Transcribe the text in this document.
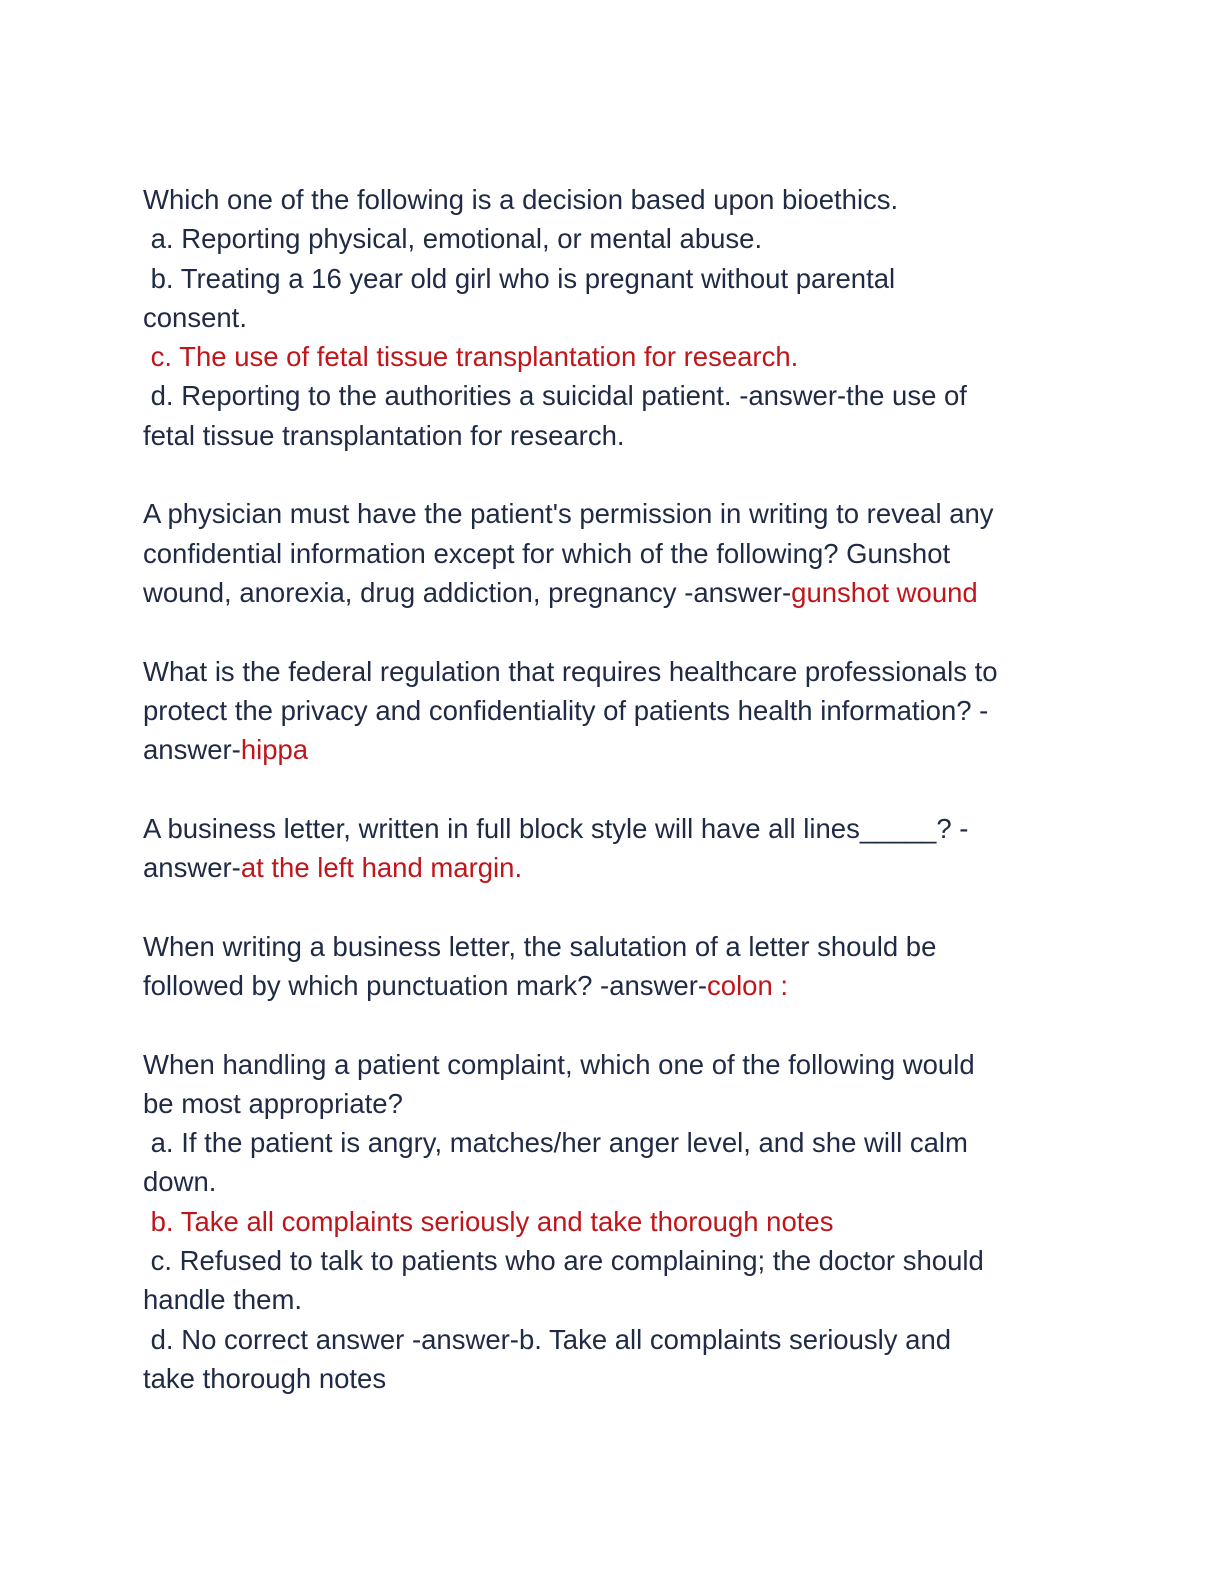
Which one of the following is a decision based upon bioethics.
a. Reporting physical, emotional, or mental abuse.
b. Treating a 16 year old girl who is pregnant without parental
consent.
c. The use of fetal tissue transplantation for research.
d. Reporting to the authorities a suicidal patient. -answer-the use of
fetal tissue transplantation for research.
A physician must have the patient's permission in writing to reveal any
confidential information except for which of the following? Gunshot
wound, anorexia, drug addiction, pregnancy -answer-gunshot wound
What is the federal regulation that requires healthcare professionals to
protect the privacy and confidentiality of patients health information? -
answer-hippa
A business letter, written in full block style will have all lines_____? -
answer-at the left hand margin.
When writing a business letter, the salutation of a letter should be
followed by which punctuation mark? -answer-colon :
When handling a patient complaint, which one of the following would
be most appropriate?
a. If the patient is angry, matches/her anger level, and she will calm
down.
b. Take all complaints seriously and take thorough notes
c. Refused to talk to patients who are complaining; the doctor should
handle them.
d. No correct answer -answer-b. Take all complaints seriously and
take thorough notes
